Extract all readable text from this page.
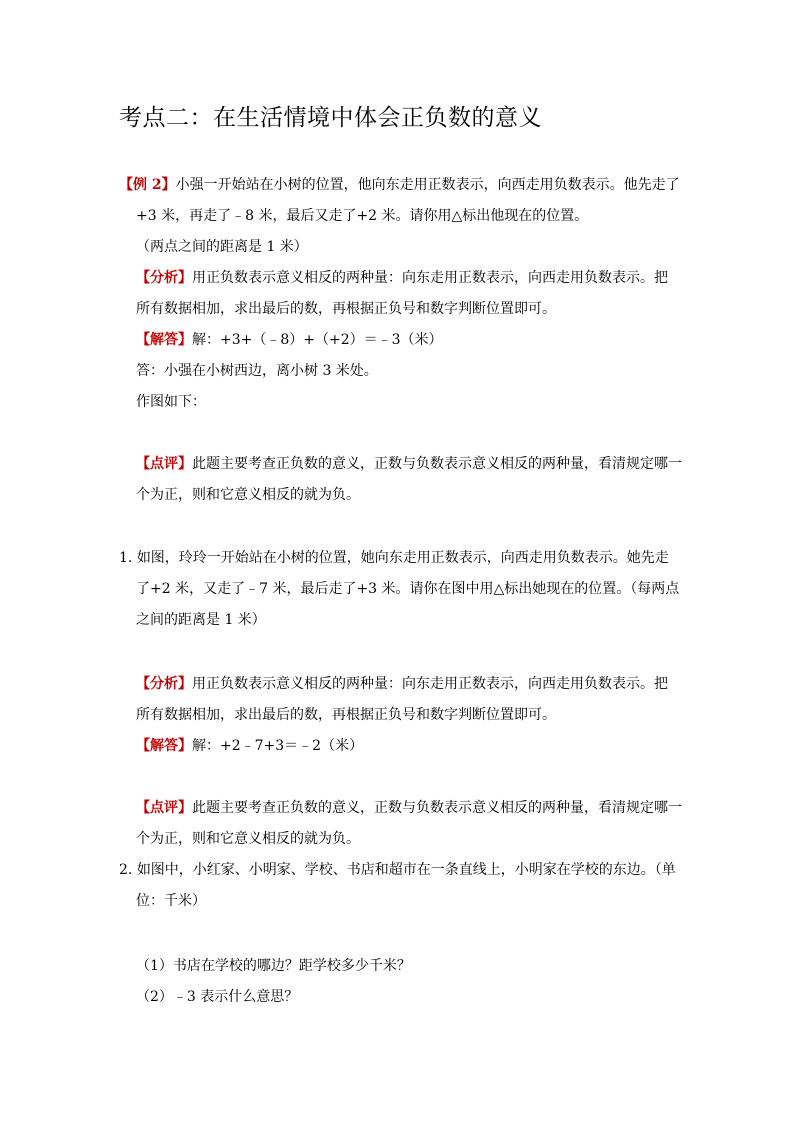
考点二：在生活情境中体会正负数的意义
【例 2】小强一开始站在小树的位置，他向东走用正数表示，向西走用负数表示。他先走了
+3 米，再走了﹣8 米，最后又走了+2 米。请你用△标出他现在的位置。
（两点之间的距离是 1 米）
【分析】用正负数表示意义相反的两种量：向东走用正数表示，向西走用负数表示。把
所有数据相加，求出最后的数，再根据正负号和数字判断位置即可。
【解答】解：+3+（﹣8）+（+2）＝﹣3（米）
答：小强在小树西边，离小树 3 米处。
作图如下：
【点评】此题主要考查正负数的意义，正数与负数表示意义相反的两种量，看清规定哪一
个为正，则和它意义相反的就为负。
1. 如图，玲玲一开始站在小树的位置，她向东走用正数表示，向西走用负数表示。她先走
了+2 米，又走了﹣7 米，最后走了+3 米。请你在图中用△标出她现在的位置。（每两点
之间的距离是 1 米）
【分析】用正负数表示意义相反的两种量：向东走用正数表示，向西走用负数表示。把
所有数据相加，求出最后的数，再根据正负号和数字判断位置即可。
【解答】解：+2﹣7+3＝﹣2（米）
【点评】此题主要考查正负数的意义，正数与负数表示意义相反的两种量，看清规定哪一
个为正，则和它意义相反的就为负。
2. 如图中，小红家、小明家、学校、书店和超市在一条直线上，小明家在学校的东边。（单
位：千米）
（1）书店在学校的哪边？距学校多少千米？
（2）﹣3 表示什么意思？
